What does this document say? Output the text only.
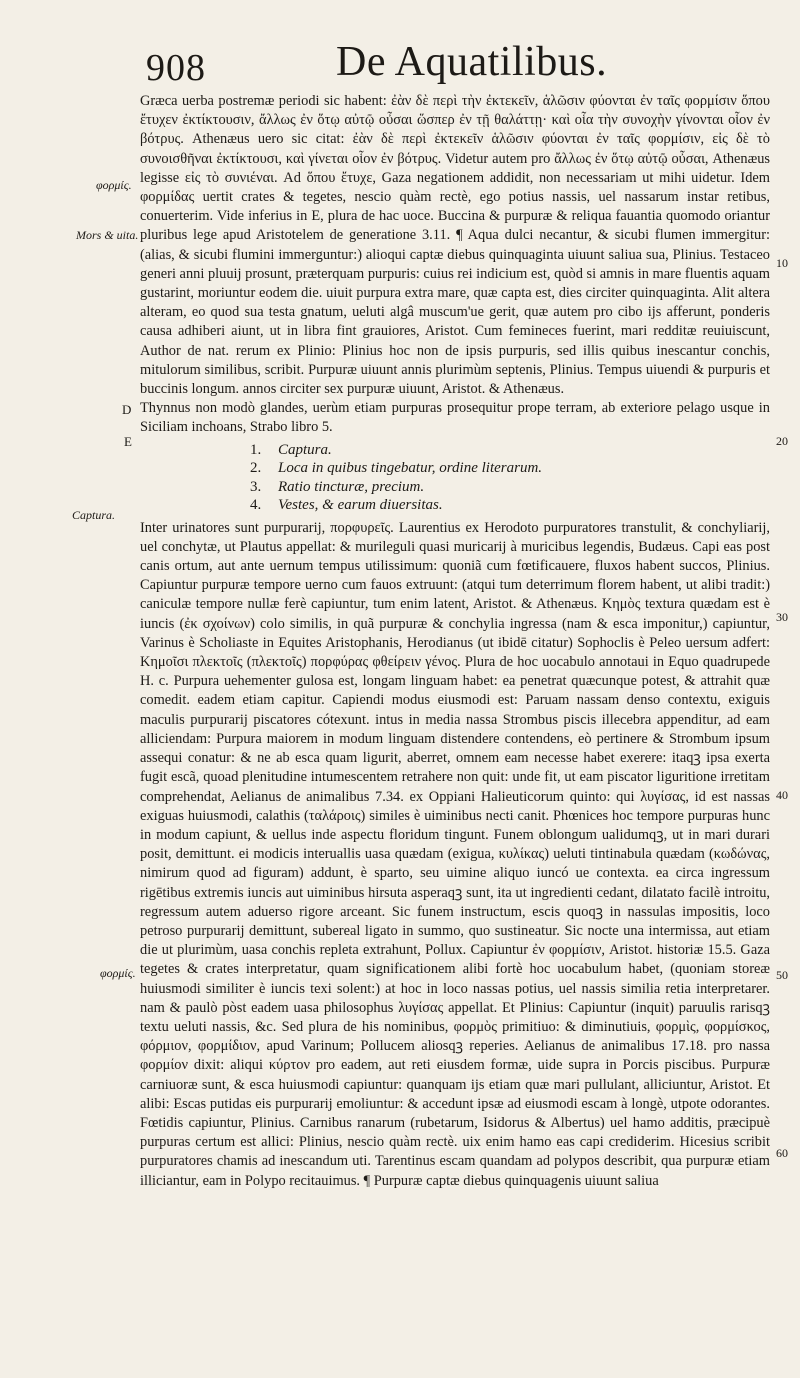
908	De Aquatilibus.
φορμίς.
Mors & uita.
D
E
10
20
Captura.
30
40
φορμίς.	50
60

Græca uerba postremæ periodi sic habent: ἐὰν δὲ περὶ τὴν ἐκτεκεῖν, ἁλῶσιν φύονται ἐν ταῖς φορμίσιν ὅπου ἔτυχεν ἐκτίκτουσιν, ἄλλως ἐν ὅτῳ αὐτῷ οὖσαι ὥσπερ ἐν τῇ θαλάττῃ· καὶ οἷα τὴν συνοχὴν γίνονται οἷον ἐν βότρυς. Athenæus uero sic citat: ἐὰν δὲ περὶ ἐκτεκεῖν ἁλῶσιν φύονται ἐν ταῖς φορμίσιν, εἰς δὲ τὸ συνοισθῆναι ἐκτίκτουσι, καὶ γίνεται οἷον ἐν βότρυς. Videtur autem pro ἄλλως ἐν ὅτῳ αὐτῷ οὖσαι, Athenæus legisse εἰς τὸ συνιέναι. Ad ὅπου ἔτυχε, Gaza negationem addidit, non necessariam ut mihi uidetur. Idem φορμίδας uertit crates & tegetes, nescio quàm rectè, ego potius nassis, uel nassarum instar retibus, conuerterim. Vide inferius in E, plura de hac uoce. Buccina & purpuræ & reliqua fauantia quomodo oriantur pluribus lege apud Aristotelem de generatione 3.11. ¶ Aqua dulci necantur, & sicubi flumen immergitur: (alias, & sicubi flumini immerguntur:) alioqui captæ diebus quinquaginta uiuunt saliua sua, Plinius. Testaceo generi anni pluuij prosunt, præterquam purpuris: cuius rei indicium est, quòd si amnis in mare fluentis aquam gustarint, moriuntur eodem die. uiuit purpura extra mare, quæ capta est, dies circiter quinquaginta. Alit altera alteram, eo quod sua testa gnatum, ueluti algâ muscum'ue gerit, quæ autem pro cibo ijs afferunt, ponderis causa adhiberi aiunt, ut in libra fint grauiores, Aristot. Cum femineces fuerint, mari redditæ reuiuiscunt, Author de nat. rerum ex Plinio: Plinius hoc non de ipsis purpuris, sed illis quibus inescantur conchis, mitulorum similibus, scribit. Purpuræ uiuunt annis plurimùm septenis, Plinius. Tempus uiuendi & purpuris et buccinis longum. annos circiter sex purpuræ uiuunt, Aristot. & Athenæus.

Thynnus non modò glandes, uerùm etiam purpuras prosequitur prope terram, ab exteriore pelago usque in Siciliam inchoans, Strabo libro 5.

1. Captura.
2. Loca in quibus tingebatur, ordine literarum.
3. Ratio tincturæ, precium.
4. Vestes, & earum diuersitas.

Inter urinatores sunt purpurarij, πορφυρεῖς. Laurentius ex Herodoto purpuratores transtulit, & conchyliarij, uel conchytæ, ut Plautus appellat: & murileguli quasi muricarij à muricibus legendis, Budæus. Capi eas post canis ortum, aut ante uernum tempus utilissimum: quoniã cum fœtificauere, fluxos habent succos, Plinius. Capiuntur purpuræ tempore uerno cum fauos extruunt: (atqui tum deterrimum florem habent, ut alibi tradit:) caniculæ tempore nullæ ferè capiuntur, tum enim latent, Aristot. & Athenæus. Κημὸς textura quædam est è iuncis (ἐκ σχοίνων) colo similis, in quã purpuræ & conchylia ingressa (nam & esca imponitur,) capiuntur, Varinus è Scholiaste in Equites Aristophanis, Herodianus (ut ibidē citatur) Sophoclis è Peleo uersum adfert: Κημοῖσι πλεκτοῖς (πλεκτοῖς) πορφύρας φθείρειν γένος. Plura de hoc uocabulo annotaui in Equo quadrupede H. c. Purpura uehementer gulosa est, longam linguam habet: ea penetrat quæcunque potest, & attrahit quæ comedit. eadem etiam capitur. Capiendi modus eiusmodi est: Paruam nassam denso contextu, exiguis maculis purpurarij piscatores cótexunt. intus in media nassa Strombus piscis illecebra appenditur, ad eam alliciendam: Purpura maiorem in modum linguam distendere contendens, eò pertinere & Strombum ipsum assequi conatur: & ne ab esca quam ligurit, aberret, omnem eam necesse habet exerere: itaqꝫ ipsa exerta fugit escã, quoad plenitudine intumescentem retrahere non quit: unde fit, ut eam piscator liguritione irretitam comprehendat, Aelianus de animalibus 7.34. ex Oppiani Halieuticorum quinto: qui λυγίσας, id est nassas exiguas huiusmodi, calathis (ταλάροις) similes è uiminibus necti canit. Phœnices hoc tempore purpuras hunc in modum capiunt, & uellus inde aspectu floridum tingunt. Funem oblongum ualidumqꝫ, ut in mari durari posit, demittunt. ei modicis interuallis uasa quædam (exigua, κυλίκας) ueluti tintinabula quædam (κωδώνας, nimirum quod ad figuram) addunt, è sparto, seu uimine aliquo iuncó ue contexta. ea circa ingressum rigētibus extremis iuncis aut uiminibus hirsuta asperaqꝫ sunt, ita ut ingredienti cedant, dilatato facilè introitu, regressum autem aduerso rigore arceant. Sic funem instructum, escis quoqꝫ in nassulas impositis, loco petroso purpurarij demittunt, subereal ligato in summo, quo sustineatur. Sic nocte una intermissa, aut etiam die ut plurimùm, uasa conchis repleta extrahunt, Pollux. Capiuntur ἐν φορμίσιν, Aristot. historiæ 15.5. Gaza tegetes & crates interpretatur, quam significationem alibi fortè hoc uocabulum habet, (quoniam storeæ huiusmodi similiter è iuncis texi solent:) at hoc in loco nassas potius, uel nassis similia retia interpretarer. nam & paulò pòst eadem uasa philosophus λυγίσας appellat. Et Plinius: Capiuntur (inquit) paruulis rarisqꝫ textu ueluti nassis, &c. Sed plura de his nominibus, φορμὸς primitiuo: & diminutiuis, φορμὶς, φορμίσκος, φόρμιον, φορμίδιον, apud Varinum; Pollucem aliosqꝫ reperies. Aelianus de animalibus 17.18. pro nassa φορμίον dixit: aliqui κύρτον pro eadem, aut reti eiusdem formæ, uide supra in Porcis piscibus. Purpuræ carniuoræ sunt, & esca huiusmodi capiuntur: quanquam ijs etiam quæ mari pullulant, alliciuntur, Aristot. Et alibi: Escas putidas eis purpurarij emoliuntur: & accedunt ipsæ ad eiusmodi escam à longè, utpote odorantes. Fœtidis capiuntur, Plinius. Carnibus ranarum (rubetarum, Isidorus & Albertus) uel hamo additis, præcipuè purpuras certum est allici: Plinius, nescio quàm rectè. uix enim hamo eas capi crediderim. Hicesius scribit purpuratores chamis ad inescandum uti. Tarentinus escam quandam ad polypos describit, qua purpuræ etiam illiciantur, eam in Polypo recitauimus. ¶ Purpuræ captæ diebus quinquagenis uiuunt saliua
